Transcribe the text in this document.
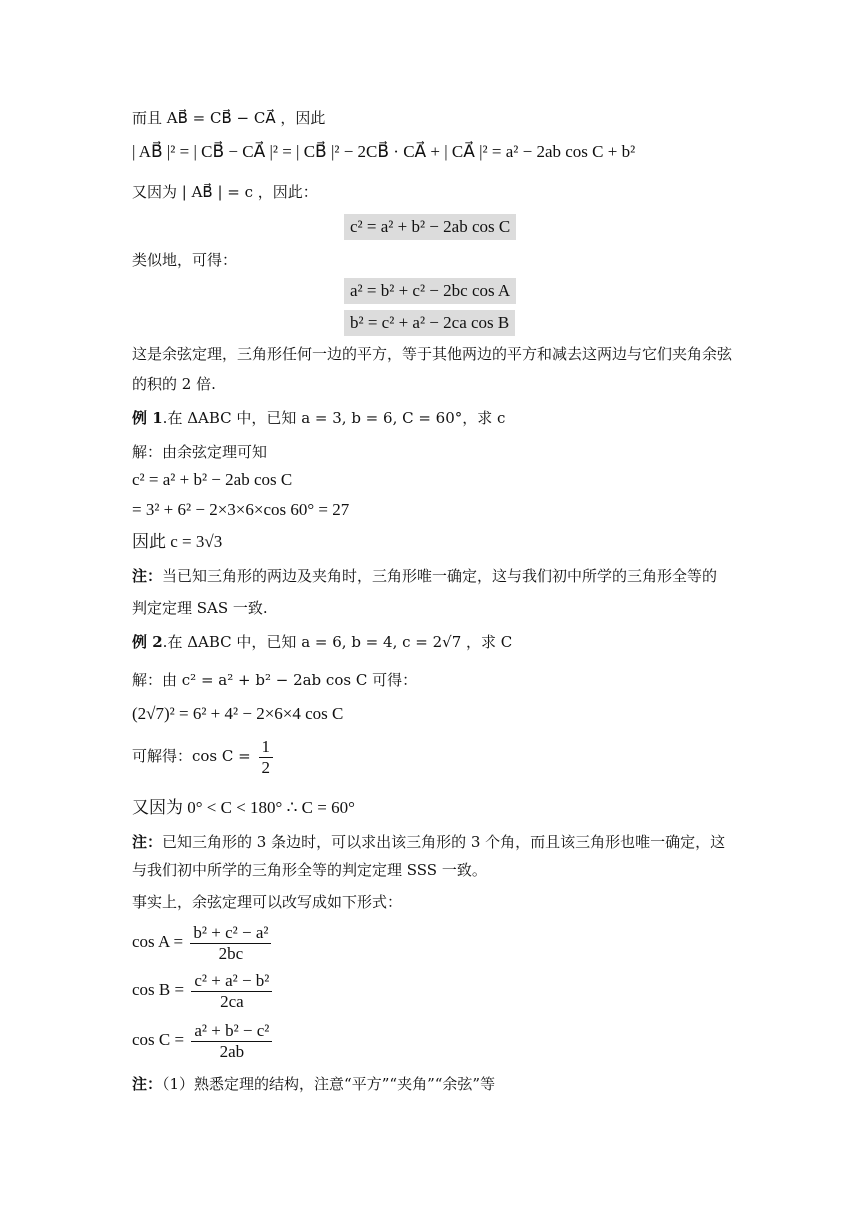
而且 AB⃗ = CB⃗ − CA⃗ ，因此
| AB⃗ |² = | CB⃗ − CA⃗ |² = | CB⃗ |² − 2CB⃗ · CA⃗ + | CA⃗ |² = a² − 2ab cos C + b²
又因为 | AB⃗ | = c ，因此：
c² = a² + b² − 2ab cos C
类似地，可得：
a² = b² + c² − 2bc cos A
b² = c² + a² − 2ca cos B
这是余弦定理，三角形任何一边的平方，等于其他两边的平方和减去这两边与它们夹角余弦
的积的 2 倍.
例 1.在 ΔABC 中，已知 a = 3, b = 6, C = 60°，求 c
解：由余弦定理可知
c² = a² + b² − 2ab cos C
= 3² + 6² − 2×3×6×cos 60° = 27
因此 c = 3√3
注：当已知三角形的两边及夹角时，三角形唯一确定，这与我们初中所学的三角形全等的
判定定理 SAS 一致.
例 2.在 ΔABC 中，已知 a = 6, b = 4, c = 2√7 ，求 C
解：由 c² = a² + b² − 2ab cos C 可得：
(2√7)² = 6² + 4² − 2×6×4 cos C
可解得：$\cos C = \frac{1}{2}$
又因为 0° < C < 180° ∴ C = 60°
注：已知三角形的 3 条边时，可以求出该三角形的 3 个角，而且该三角形也唯一确定，这
与我们初中所学的三角形全等的判定定理 SSS 一致。
事实上，余弦定理可以改写成如下形式：
$\cos A = \frac{\text{b² + c² − a²}}{2bc}$
$\cos B = \frac{\text{c² + a² − b²}}{2ca}$
$\cos C = \frac{\text{a² + b² − c²}}{2ab}$
注：（1）熟悉定理的结构，注意“平方”“夹角”“余弦”等
